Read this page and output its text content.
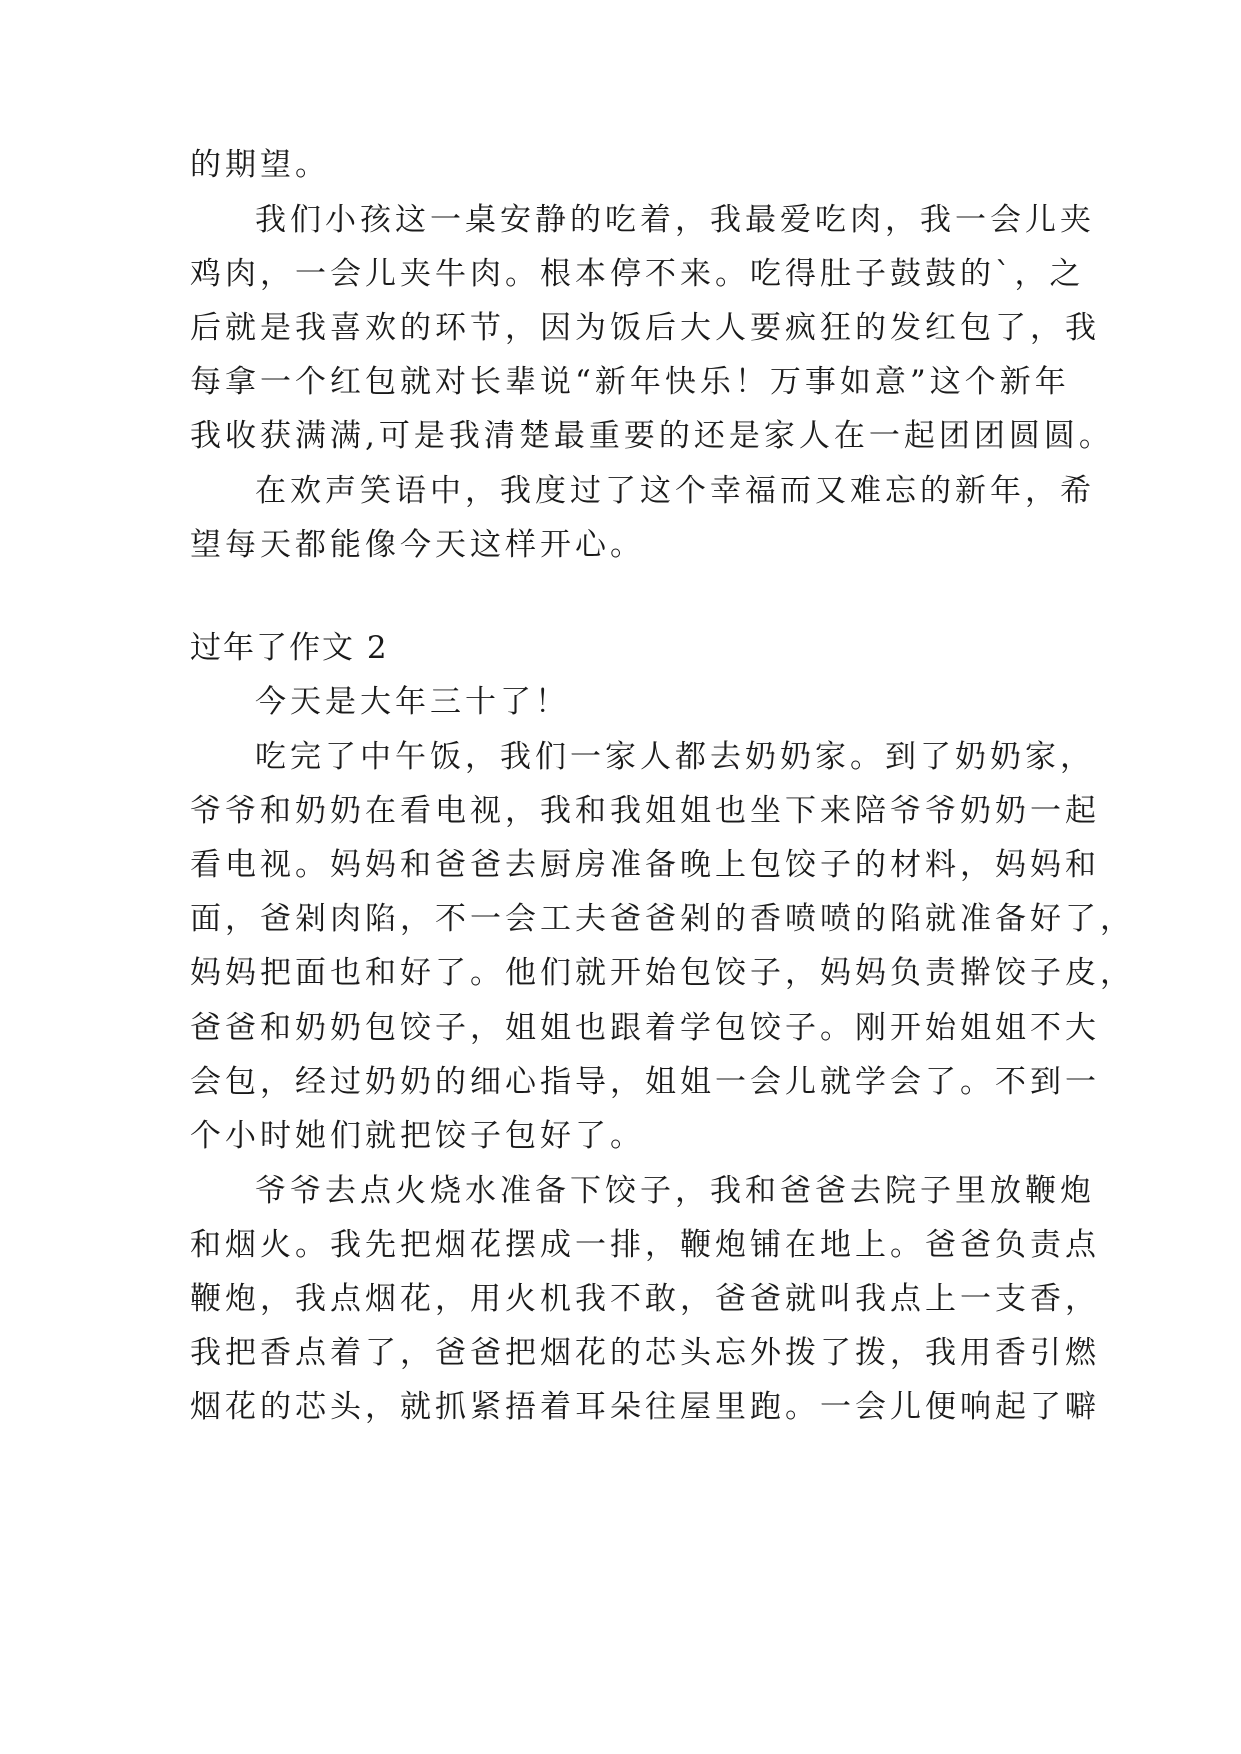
的期望。
我们小孩这一桌安静的吃着，我最爱吃肉，我一会儿夹
鸡肉，一会儿夹牛肉。根本停不来。吃得肚子鼓鼓的`，之
后就是我喜欢的环节，因为饭后大人要疯狂的发红包了，我
每拿一个红包就对长辈说“新年快乐！万事如意”这个新年
我收获满满,可是我清楚最重要的还是家人在一起团团圆圆。
在欢声笑语中，我度过了这个幸福而又难忘的新年，希
望每天都能像今天这样开心。
过年了作文 2
今天是大年三十了！
吃完了中午饭，我们一家人都去奶奶家。到了奶奶家，
爷爷和奶奶在看电视，我和我姐姐也坐下来陪爷爷奶奶一起
看电视。妈妈和爸爸去厨房准备晚上包饺子的材料，妈妈和
面，爸剁肉陷，不一会工夫爸爸剁的香喷喷的陷就准备好了，
妈妈把面也和好了。他们就开始包饺子，妈妈负责擀饺子皮，
爸爸和奶奶包饺子，姐姐也跟着学包饺子。刚开始姐姐不大
会包，经过奶奶的细心指导，姐姐一会儿就学会了。不到一
个小时她们就把饺子包好了。
爷爷去点火烧水准备下饺子，我和爸爸去院子里放鞭炮
和烟火。我先把烟花摆成一排，鞭炮铺在地上。爸爸负责点
鞭炮，我点烟花，用火机我不敢，爸爸就叫我点上一支香，
我把香点着了，爸爸把烟花的芯头忘外拨了拨，我用香引燃
烟花的芯头，就抓紧捂着耳朵往屋里跑。一会儿便响起了噼
